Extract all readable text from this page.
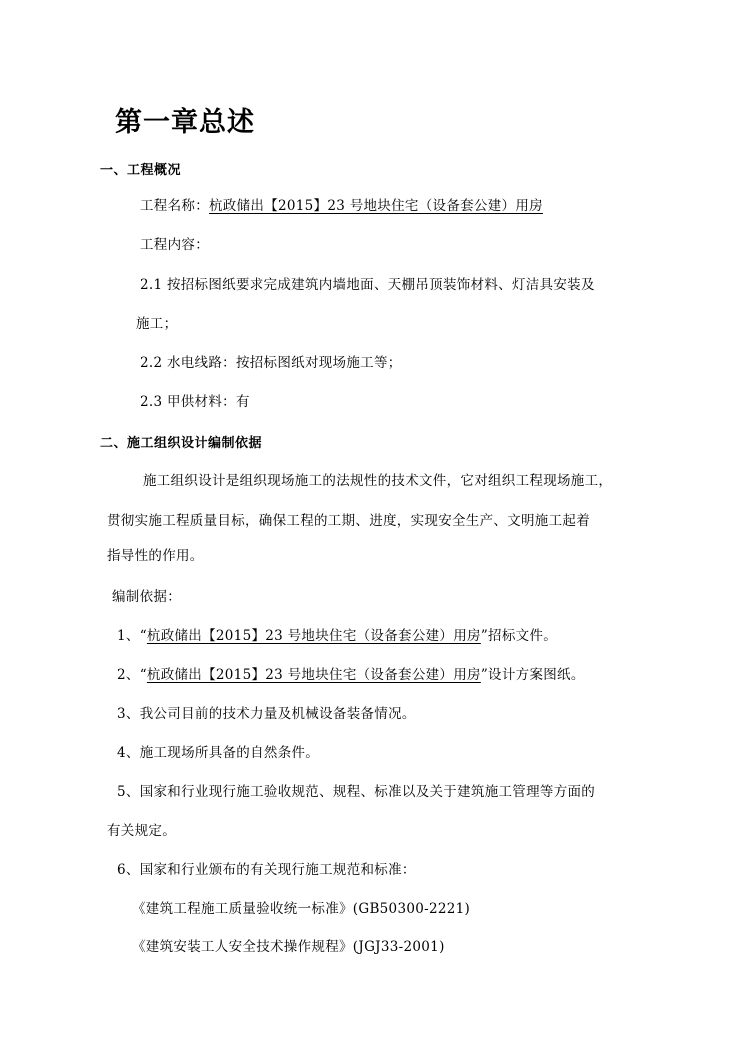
第一章总述
一、工程概况
工程名称：杭政储出【2015】23 号地块住宅（设备套公建）用房
工程内容：
2.1 按招标图纸要求完成建筑内墙地面、天棚吊顶装饰材料、灯洁具安装及
施工；
2.2 水电线路：按招标图纸对现场施工等；
2.3 甲供材料：有
二、施工组织设计编制依据
施工组织设计是组织现场施工的法规性的技术文件，它对组织工程现场施工，
贯彻实施工程质量目标，确保工程的工期、进度，实现安全生产、文明施工起着
指导性的作用。
编制依据：
1、“杭政储出【2015】23 号地块住宅（设备套公建）用房”招标文件。
2、“杭政储出【2015】23 号地块住宅（设备套公建）用房”设计方案图纸。
3、我公司目前的技术力量及机械设备装备情况。
4、施工现场所具备的自然条件。
5、国家和行业现行施工验收规范、规程、标准以及关于建筑施工管理等方面的
有关规定。
6、国家和行业颁布的有关现行施工规范和标准：
《建筑工程施工质量验收统一标准》(GB50300-2221)
《建筑安装工人安全技术操作规程》(JGJ33-2001)
